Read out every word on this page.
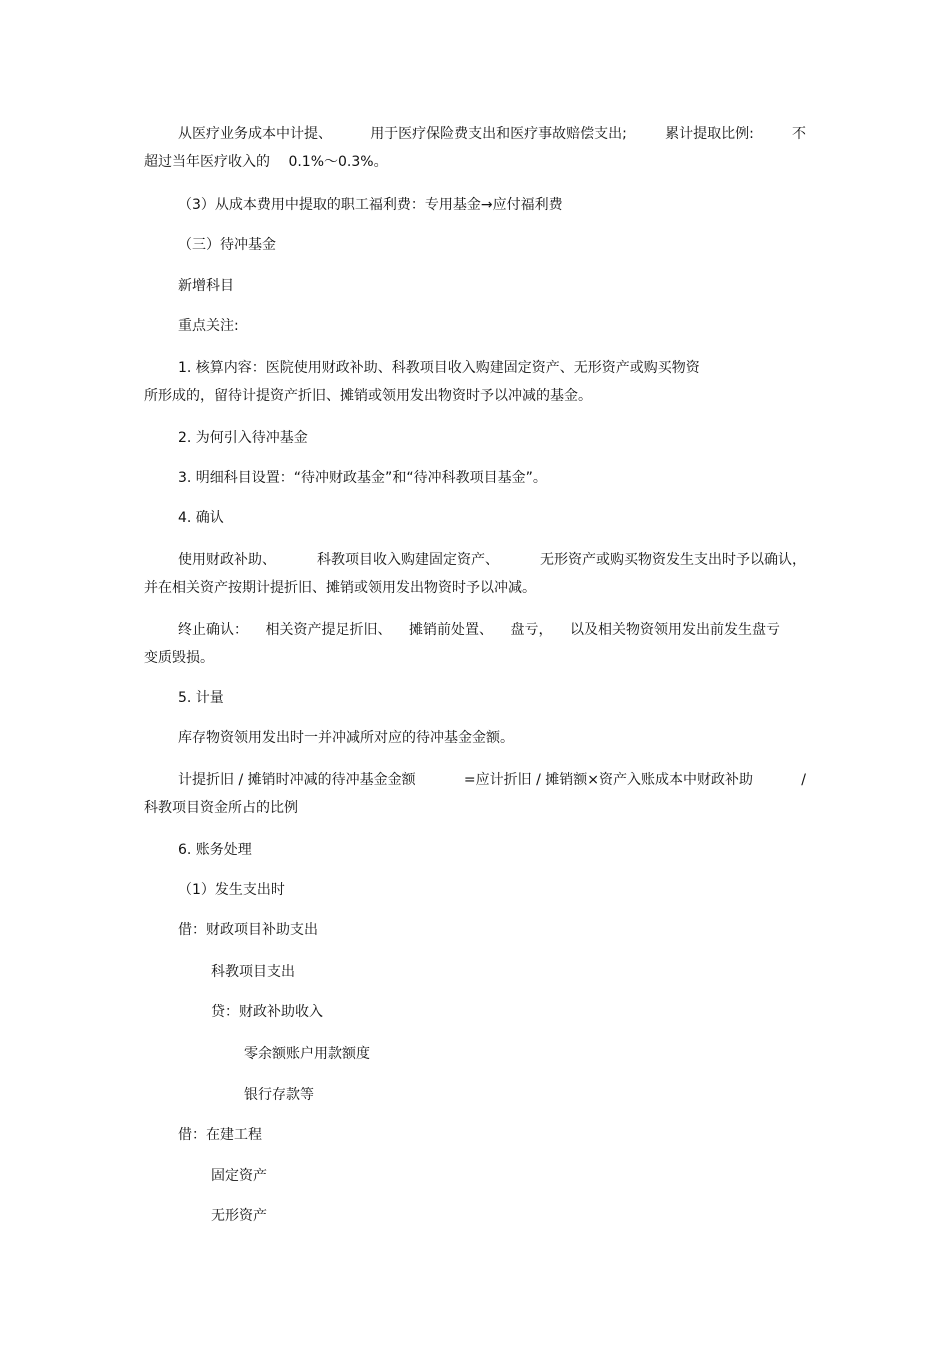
从医疗业务成本中计提、	用于医疗保险费支出和医疗事故赔偿支出;	累计提取比例:	不
超过当年医疗收入的　 0.1%～0.3%。
（3）从成本费用中提取的职工福利费：专用基金→应付福利费
（三）待冲基金
新增科目
重点关注:
1. 核算内容：医院使用财政补助、科教项目收入购建固定资产、无形资产或购买物资
所形成的，留待计提资产折旧、摊销或领用发出物资时予以冲减的基金。
2. 为何引入待冲基金
3. 明细科目设置：“待冲财政基金”和“待冲科教项目基金”。
4. 确认
使用财政补助、	科教项目收入购建固定资产、	无形资产或购买物资发生支出时予以确认，
并在相关资产按期计提折旧、摊销或领用发出物资时予以冲减。
终止确认： 相关资产提足折旧、 摊销前处置、 盘亏， 以及相关物资领用发出前发生盘亏
变质毁损。
5. 计量
库存物资领用发出时一并冲减所对应的待冲基金金额。
计提折旧 / 摊销时冲减的待冲基金金额	=应计折旧 / 摊销额×资产入账成本中财政补助	/
科教项目资金所占的比例
6. 账务处理
（1）发生支出时
借：财政项目补助支出
科教项目支出
贷：财政补助收入
零余额账户用款额度
银行存款等
借：在建工程
固定资产
无形资产
